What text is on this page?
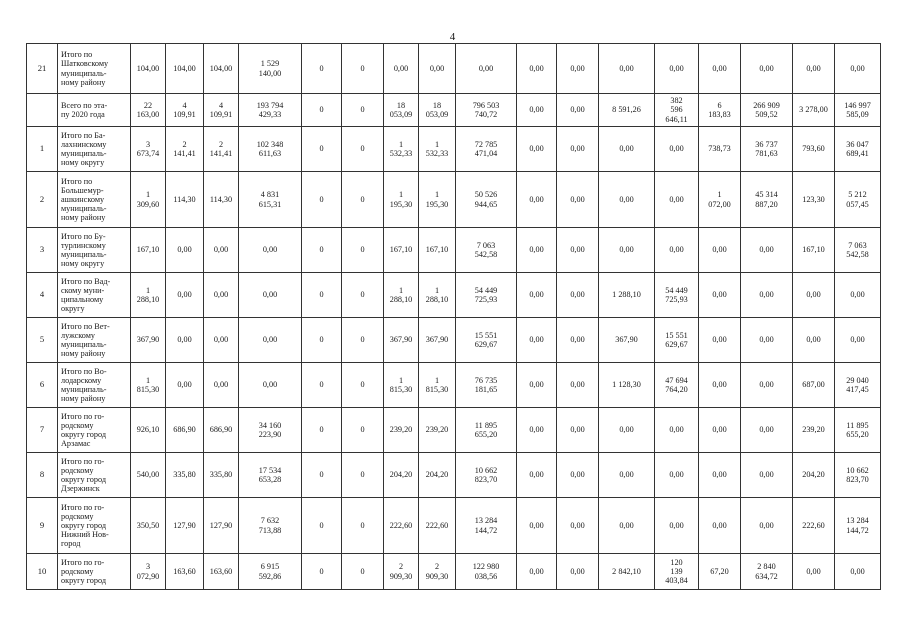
4
21	Итого по
Шатковскому
муниципаль-
ному району	104,00	104,00	104,00	1 529
140,00	0	0	0,00	0,00	0,00	0,00	0,00	0,00	0,00	0,00	0,00	0,00	0,00
	Всего по эта-
пу 2020 года	22
163,00	4
109,91	4
109,91	193 794
429,33	0	0	18
053,09	18
053,09	796 503
740,72	0,00	0,00	8 591,26	382
596
646,11	6
183,83	266 909
509,52	3 278,00	146 997
585,09
1	Итого по Ба-
лахнинскому
муниципаль-
ному округу	3
673,74	2
141,41	2
141,41	102 348
611,63	0	0	1
532,33	1
532,33	72 785
471,04	0,00	0,00	0,00	0,00	738,73	36 737
781,63	793,60	36 047
689,41
2	Итого по
Большемур-
ашкинскому
муниципаль-
ному району	1
309,60	114,30	114,30	4 831
615,31	0	0	1
195,30	1
195,30	50 526
944,65	0,00	0,00	0,00	0,00	1
072,00	45 314
887,20	123,30	5 212
057,45
3	Итого по Бу-
турлинскому
муниципаль-
ному округу	167,10	0,00	0,00	0,00	0	0	167,10	167,10	7 063
542,58	0,00	0,00	0,00	0,00	0,00	0,00	167,10	7 063
542,58
4	Итого по Вад-
скому муни-
ципальному
округу	1
288,10	0,00	0,00	0,00	0	0	1
288,10	1
288,10	54 449
725,93	0,00	0,00	1 288,10	54 449
725,93	0,00	0,00	0,00	0,00
5	Итого по Вет-
лужскому
муниципаль-
ному району	367,90	0,00	0,00	0,00	0	0	367,90	367,90	15 551
629,67	0,00	0,00	367,90	15 551
629,67	0,00	0,00	0,00	0,00
6	Итого по Во-
лодарскому
муниципаль-
ному району	1
815,30	0,00	0,00	0,00	0	0	1
815,30	1
815,30	76 735
181,65	0,00	0,00	1 128,30	47 694
764,20	0,00	0,00	687,00	29 040
417,45
7	Итого по го-
родскому
округу город
Арзамас	926,10	686,90	686,90	34 160
223,90	0	0	239,20	239,20	11 895
655,20	0,00	0,00	0,00	0,00	0,00	0,00	239,20	11 895
655,20
8	Итого по го-
родскому
округу город
Дзержинск	540,00	335,80	335,80	17 534
653,28	0	0	204,20	204,20	10 662
823,70	0,00	0,00	0,00	0,00	0,00	0,00	204,20	10 662
823,70
9	Итого по го-
родскому
округу город
Нижний Нов-
город	350,50	127,90	127,90	7 632
713,88	0	0	222,60	222,60	13 284
144,72	0,00	0,00	0,00	0,00	0,00	0,00	222,60	13 284
144,72
10	Итого по го-
родскому
округу город	3
072,90	163,60	163,60	6 915
592,86	0	0	2
909,30	2
909,30	122 980
038,56	0,00	0,00	2 842,10	120
139
403,84	67,20	2 840
634,72	0,00	0,00
